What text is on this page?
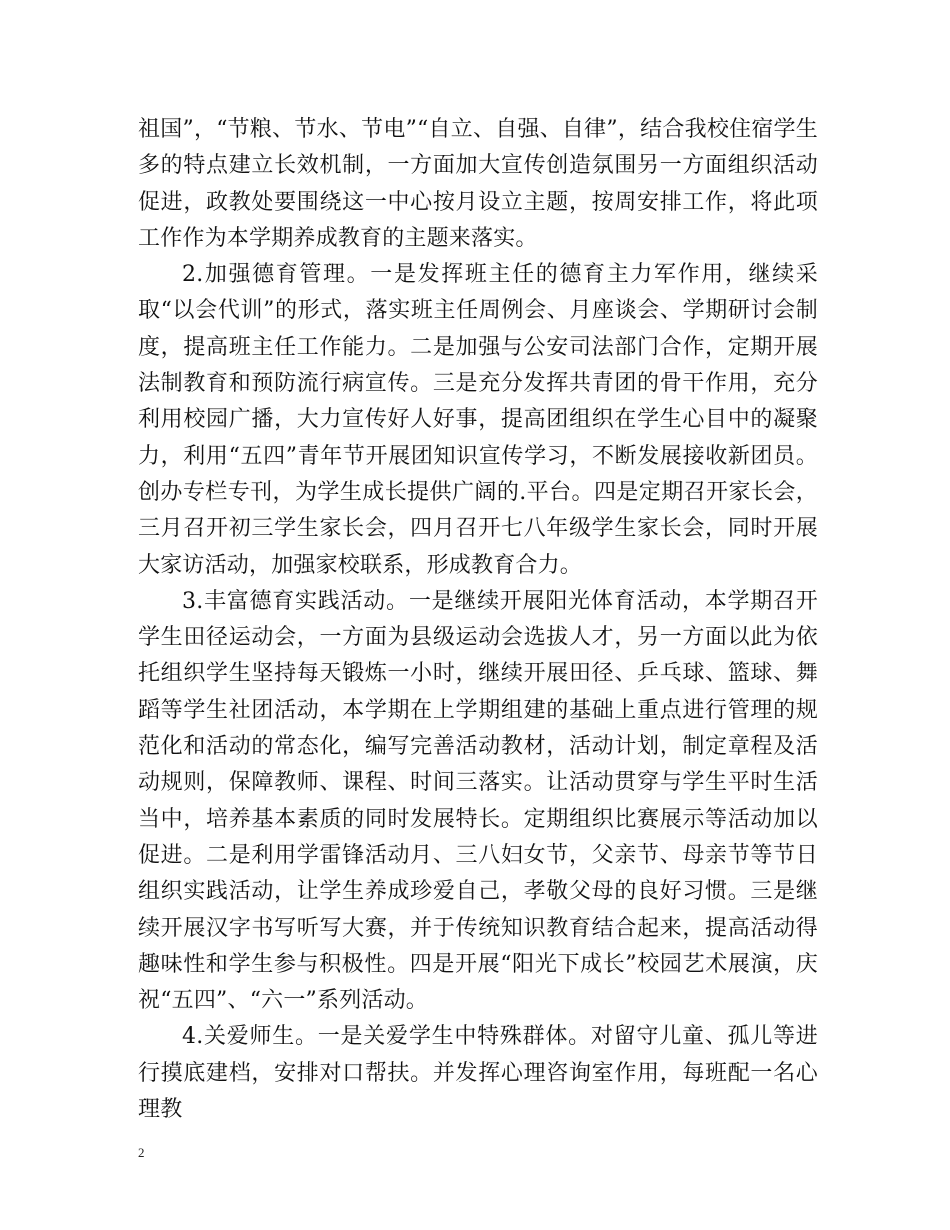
祖国”，“节粮、节水、节电”“自立、自强、自律”，结合我校住宿学生多的特点建立长效机制，一方面加大宣传创造氛围另一方面组织活动促进，政教处要围绕这一中心按月设立主题，按周安排工作，将此项工作作为本学期养成教育的主题来落实。

2.加强德育管理。一是发挥班主任的德育主力军作用，继续采取“以会代训”的形式，落实班主任周例会、月座谈会、学期研讨会制度，提高班主任工作能力。二是加强与公安司法部门合作，定期开展法制教育和预防流行病宣传。三是充分发挥共青团的骨干作用，充分利用校园广播，大力宣传好人好事，提高团组织在学生心目中的凝聚力，利用“五四”青年节开展团知识宣传学习，不断发展接收新团员。创办专栏专刊，为学生成长提供广阔的.平台。四是定期召开家长会，三月召开初三学生家长会，四月召开七八年级学生家长会，同时开展大家访活动，加强家校联系，形成教育合力。

3.丰富德育实践活动。一是继续开展阳光体育活动，本学期召开学生田径运动会，一方面为县级运动会选拔人才，另一方面以此为依托组织学生坚持每天锻炼一小时，继续开展田径、乒乓球、篮球、舞蹈等学生社团活动，本学期在上学期组建的基础上重点进行管理的规范化和活动的常态化，编写完善活动教材，活动计划，制定章程及活动规则，保障教师、课程、时间三落实。让活动贯穿与学生平时生活当中，培养基本素质的同时发展特长。定期组织比赛展示等活动加以促进。二是利用学雷锋活动月、三八妇女节，父亲节、母亲节等节日组织实践活动，让学生养成珍爱自己，孝敬父母的良好习惯。三是继续开展汉字书写听写大赛，并于传统知识教育结合起来，提高活动得趣味性和学生参与积极性。四是开展“阳光下成长”校园艺术展演，庆祝“五四”、“六一”系列活动。

4.关爱师生。一是关爱学生中特殊群体。对留守儿童、孤儿等进行摸底建档，安排对口帮扶。并发挥心理咨询室作用，每班配一名心理教

2
